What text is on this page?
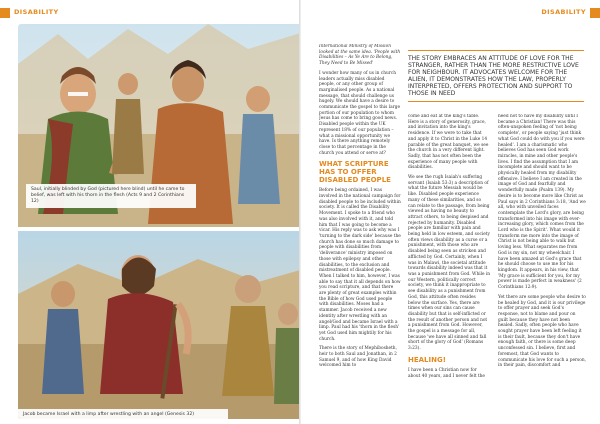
DISABILITY
Saul, initially blinded by God (pictured here blind) until he came to belief, was left with his thorn in the flesh (Acts 9 and 2 Corinthians 12)
Jacob became Israel with a limp after wrestling with an angel (Genesis 32)
DISABILITY

International Ministry of Mission looked at the same idea. 'People with Disabilities – As Ye Are to Belong, They Need to Be Missed'

I wonder how many of us in church leaders actually miss disabled people, or any other group of marginalised people. As a national message, that should challenge us hugely. We should have a desire to communicate the gospel to this large portion of our population to whom Jesus has come to bring good news. Disabled people within the UK represent 18% of our population – what a missional opportunity we have. Is there anything remotely close to that percentage in the church you attend or serve at?

WHAT SCRIPTURE HAS TO OFFER DISABLED PEOPLE

Before being ordained, I was involved in the national campaign for disabled people to be included within society. It is called the Disability Movement. I spoke to a friend who was also involved with it, and told him that I was going to become a vicar. His reply was to ask why was I 'turning to the dark side' because the church has done so much damage to people with disabilities from 'deliverance' ministry imposed on those with epilepsy and other disabilities, to the exclusion and mistreatment of disabled people. When I talked to him, however, I was able to say that it all depends on how you read scripture, and that there are plenty of great examples within the Bible of how God used people with disabilities. Moses had a stammer. Jacob received a new identity after wrestling with an angel/God and became Israel with a limp. Paul had his 'thorn in the flesh' yet God used him mightily for his church.

There is the story of Mephibosheth, heir to both Saul and Jonathan, in 2 Samuel 9, and of how King David welcomed him to

come and eat at the king's table. Here is a story of generosity, grace, and invitation into the king's residence. If we were to take that and apply it to Christ in the Luke 14 parable of the great banquet, we see the church in a very different light. Sadly, that has not often been the experience of many people with disabilities.

We see the rugh Isaiah's suffering servant (Isaiah 53:3) a description of what the future Messiah would be like. Disabled people experience many of these similarities, and so can relate to the passage, from being viewed as having no beauty to attract others, to being despised and rejected by humanity. Disabled people are familiar with pain and being held in low esteem, and society often views disability as a curse or a punishment, with those who are disabled being seen as stricken and afflicted by God. Certainly, when I was in Malawi, the societal attitude towards disability indeed was that it was a punishment from God. While in our Western, politically correct society, we think it inappropriate to see disability as a punishment from God, this attitude often resides below the surface. Yes, there are times when our sins can cause disability but that is self-inflicted or the result of another person and not a punishment from God. However, the gospel is a message for all, because 'we have all sinned and fall short of the glory of God' (Romans 3:23).

HEALING!

I have been a Christian now for about 40 years, and I never felt the

THE STORY EMBRACES AN ATTITUDE OF LOVE FOR THE STRANGER, RATHER THAN THE MORE RESTRICTIVE LOVE FOR NEIGHBOUR. IT ADVOCATES WELCOME FOR THE ALIEN, IT DEMONSTRATES HOW THE LAW, PROPERLY INTERPRETED, OFFERS PROTECTION AND SUPPORT TO THOSE IN NEED

need not to have my disability until I became a Christian! There was this often-unspoken feeling of 'not being complete', or people saying 'just think what God could do with you if you were healed'. I am a charismatic who believes God has seen God work miracles, in mine and other people's lives. I find the assumption that I am incomplete and should want to be physically healed from my disability offensive. I believe I am created in the image of God and fearfully and wonderfully made (Psalm 139). My desire is to become more like Christ as Paul says in 2 Corinthians 3:18, 'And we all, who with unveiled faces contemplate the Lord's glory, are being transformed into his image with ever-increasing glory, which comes from the Lord who is the Spirit'. What would it transform me more into the image of Christ is not being able to walk but loving less. What separates me from God is my sin, not my wheelchair. I have been amazed at God's grace that he should choose to use me for his kingdom. It appears, in his view, that 'My grace is sufficient for you, for my power is made perfect in weakness' (2 Corinthians 12:9).

Yet there are some people who desire to be healed by God, and it is our privilege to offer prayer and seek God's response, not to blame and pour on guilt because they have not been healed. Sadly, often people who have sought prayer have been left feeling it is their fault, because they don't have enough faith, or there is some deep unconfessed sin. I believe, first and foremost, that God wants to communicate his love for such a person, in their pain, discomfort and
